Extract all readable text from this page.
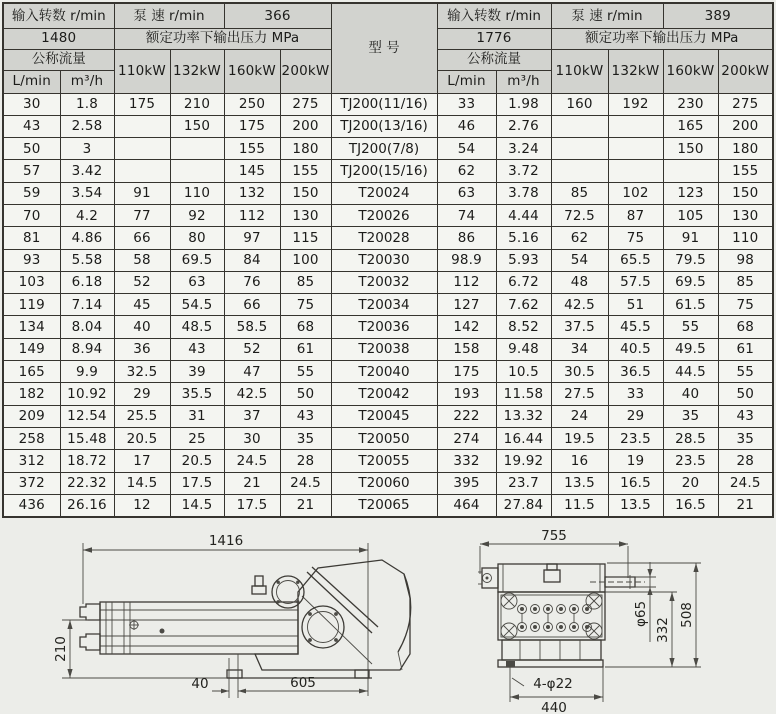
输入转数 r/min		泵 速 r/min		366		型 号	输入转数 r/min		泵 速 r/min		389	
1480		额定功率下输出压力 MPa					1776		额定功率下输出压力 MPa			
公称流量		110kW	132kW	160kW	200kW		公称流量		110kW	132kW	160kW	200kW
L/min	m³/h						L/min	m³/h				
30	1.8	175	210	250	275	TJ200(11/16)	33	1.98	160	192	230	275
43	2.58		150	175	200	TJ200(13/16)	46	2.76			165	200
50	3			155	180	TJ200(7/8)	54	3.24			150	180
57	3.42			145	155	TJ200(15/16)	62	3.72				155
59	3.54	91	110	132	150	T20024	63	3.78	85	102	123	150
70	4.2	77	92	112	130	T20026	74	4.44	72.5	87	105	130
81	4.86	66	80	97	115	T20028	86	5.16	62	75	91	110
93	5.58	58	69.5	84	100	T20030	98.9	5.93	54	65.5	79.5	98
103	6.18	52	63	76	85	T20032	112	6.72	48	57.5	69.5	85
119	7.14	45	54.5	66	75	T20034	127	7.62	42.5	51	61.5	75
134	8.04	40	48.5	58.5	68	T20036	142	8.52	37.5	45.5	55	68
149	8.94	36	43	52	61	T20038	158	9.48	34	40.5	49.5	61
165	9.9	32.5	39	47	55	T20040	175	10.5	30.5	36.5	44.5	55
182	10.92	29	35.5	42.5	50	T20042	193	11.58	27.5	33	40	50
209	12.54	25.5	31	37	43	T20045	222	13.32	24	29	35	43
258	15.48	20.5	25	30	35	T20050	274	16.44	19.5	23.5	28.5	35
312	18.72	17	20.5	24.5	28	T20055	332	19.92	16	19	23.5	28
372	22.32	14.5	17.5	21	24.5	T20060	395	23.7	13.5	16.5	20	24.5
436	26.16	12	14.5	17.5	21	T20065	464	27.84	11.5	13.5	16.5	21
1416
210
40	605
755
φ65
332
508
4-φ22
440
